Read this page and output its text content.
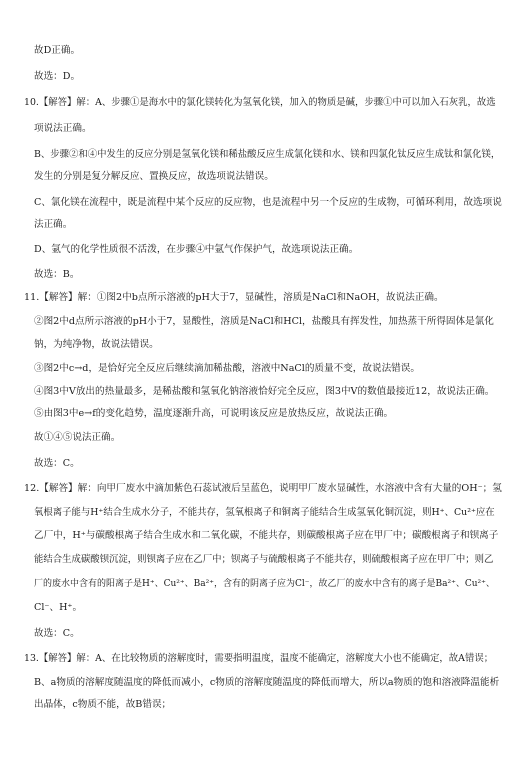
故D正确。
故选：D。
10.【解答】解：A、步骤①是海水中的氯化镁转化为氢氧化镁，加入的物质是碱，步骤①中可以加入石灰乳，故选
项说法正确。
B、步骤②和④中发生的反应分别是氢氧化镁和稀盐酸反应生成氯化镁和水、镁和四氯化钛反应生成钛和氯化镁，
发生的分别是复分解反应、置换反应，故选项说法错误。
C、氯化镁在流程中，既是流程中某个反应的反应物，也是流程中另一个反应的生成物，可循环利用，故选项说
法正确。
D、氩气的化学性质很不活泼，在步骤④中氩气作保护气，故选项说法正确。
故选：B。
11.【解答】解：①图2中b点所示溶液的pH大于7，显碱性，溶质是NaCl和NaOH，故说法正确。
②图2中d点所示溶液的pH小于7，显酸性，溶质是NaCl和HCl，盐酸具有挥发性，加热蒸干所得固体是氯化
钠，为纯净物，故说法错误。
③图2中c→d，是恰好完全反应后继续滴加稀盐酸，溶液中NaCl的质量不变，故说法错误。
④图3中V放出的热量最多，是稀盐酸和氢氧化钠溶液恰好完全反应，图3中V的数值最接近12，故说法正确。
⑤由图3中e→f的变化趋势，温度逐渐升高，可说明该反应是放热反应，故说法正确。
故①④⑤说法正确。
故选：C。
12.【解答】解：向甲厂废水中滴加紫色石蕊试液后呈蓝色，说明甲厂废水显碱性，水溶液中含有大量的OH⁻；氢
氧根离子能与H⁺结合生成水分子，不能共存，氢氧根离子和铜离子能结合生成氢氧化铜沉淀，则H⁺、Cu²⁺应在
乙厂中，H⁺与碳酸根离子结合生成水和二氧化碳，不能共存，则碳酸根离子应在甲厂中；碳酸根离子和钡离子
能结合生成碳酸钡沉淀，则钡离子应在乙厂中；钡离子与硫酸根离子不能共存，则硫酸根离子应在甲厂中；则乙
厂的废水中含有的阳离子是H⁺、Cu²⁺、Ba²⁺，含有的阴离子应为Cl⁻，故乙厂的废水中含有的离子是Ba²⁺、Cu²⁺、
Cl⁻、H⁺。
故选：C。
13.【解答】解：A、在比较物质的溶解度时，需要指明温度，温度不能确定，溶解度大小也不能确定，故A错误；
B、a物质的溶解度随温度的降低而减小，c物质的溶解度随温度的降低而增大，所以a物质的饱和溶液降温能析
出晶体，c物质不能，故B错误；
